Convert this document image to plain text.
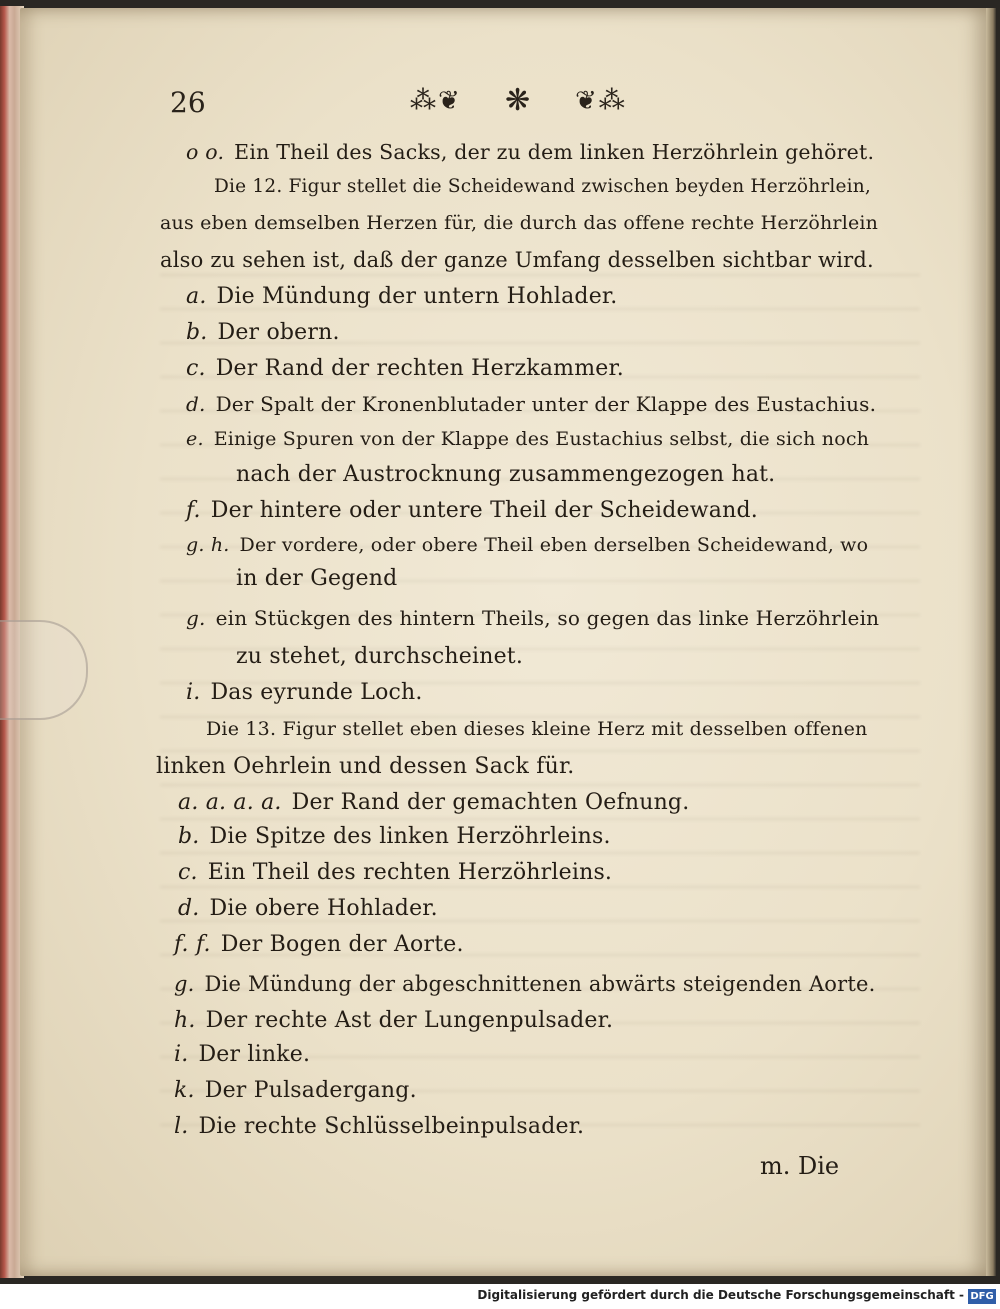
26	⁂❦ ❋ ❦⁂
o o. Ein Theil des Sacks, der zu dem linken Herzöhrlein gehöret.
Die 12. Figur stellet die Scheidewand zwischen beyden Herzöhrlein,
aus eben demselben Herzen für, die durch das offene rechte Herzöhrlein
also zu sehen ist, daß der ganze Umfang desselben sichtbar wird.
a. Die Mündung der untern Hohlader.
b. Der obern.
c. Der Rand der rechten Herzkammer.
d. Der Spalt der Kronenblutader unter der Klappe des Eustachius.
e. Einige Spuren von der Klappe des Eustachius selbst, die sich noch
nach der Austrocknung zusammengezogen hat.
f. Der hintere oder untere Theil der Scheidewand.
g. h. Der vordere, oder obere Theil eben derselben Scheidewand, wo
in der Gegend
g. ein Stückgen des hintern Theils, so gegen das linke Herzöhrlein
zu stehet, durchscheinet.
i. Das eyrunde Loch.
Die 13. Figur stellet eben dieses kleine Herz mit desselben offenen
linken Oehrlein und dessen Sack für.
a. a. a. a. Der Rand der gemachten Oefnung.
b. Die Spitze des linken Herzöhrleins.
c. Ein Theil des rechten Herzöhrleins.
d. Die obere Hohlader.
f. f. Der Bogen der Aorte.
g. Die Mündung der abgeschnittenen abwärts steigenden Aorte.
h. Der rechte Ast der Lungenpulsader.
i. Der linke.
k. Der Pulsadergang.
l. Die rechte Schlüsselbeinpulsader.
m. Die
Digitalisierung gefördert durch die Deutsche Forschungsgemeinschaft - DFG
